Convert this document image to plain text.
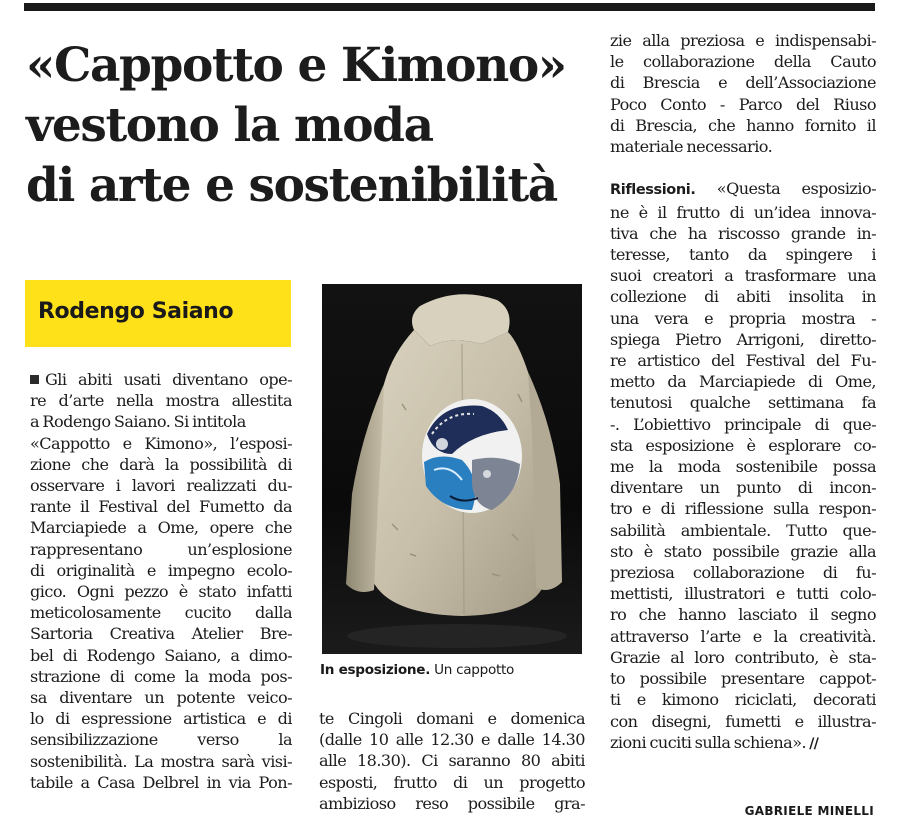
«Cappotto e Kimono»
vestono la moda
di arte e sostenibilità
Rodengo Saiano
Gli abiti usati diventano ope-
re d’arte nella mostra allestita
a Rodengo Saiano. Si intitola
«Cappotto e Kimono», l’esposi-
zione che darà la possibilità di
osservare i lavori realizzati du-
rante il Festival del Fumetto da
Marciapiede a Ome, opere che
rappresentano un’esplosione
di originalità e impegno ecolo-
gico. Ogni pezzo è stato infatti
meticolosamente cucito dalla
Sartoria Creativa Atelier Bre-
bel di Rodengo Saiano, a dimo-
strazione di come la moda pos-
sa diventare un potente veico-
lo di espressione artistica e di
sensibilizzazione verso la
sostenibilità. La mostra sarà visi-
tabile a Casa Delbrel in via Pon-
In esposizione. Un cappotto
te Cingoli domani e domenica
(dalle 10 alle 12.30 e dalle 14.30
alle 18.30). Ci saranno 80 abiti
esposti, frutto di un progetto
ambizioso reso possibile gra-
zie alla preziosa e indispensabi-
le collaborazione della Cauto
di Brescia e dell’Associazione
Poco Conto - Parco del Riuso
di Brescia, che hanno fornito il
materiale necessario.

Riflessioni. «Questa esposizio-
ne è il frutto di un’idea innova-
tiva che ha riscosso grande in-
teresse, tanto da spingere i
suoi creatori a trasformare una
collezione di abiti insolita in
una vera e propria mostra -
spiega Pietro Arrigoni, diretto-
re artistico del Festival del Fu-
metto da Marciapiede di Ome,
tenutosi qualche settimana fa
-. L’obiettivo principale di que-
sta esposizione è esplorare co-
me la moda sostenibile possa
diventare un punto di incon-
tro e di riflessione sulla respon-
sabilità ambientale. Tutto que-
sto è stato possibile grazie alla
preziosa collaborazione di fu-
mettisti, illustratori e tutti colo-
ro che hanno lasciato il segno
attraverso l’arte e la creatività.
Grazie al loro contributo, è sta-
to possibile presentare cappot-
ti e kimono riciclati, decorati
con disegni, fumetti e illustra-
zioni cuciti sulla schiena». //
GABRIELE MINELLI
